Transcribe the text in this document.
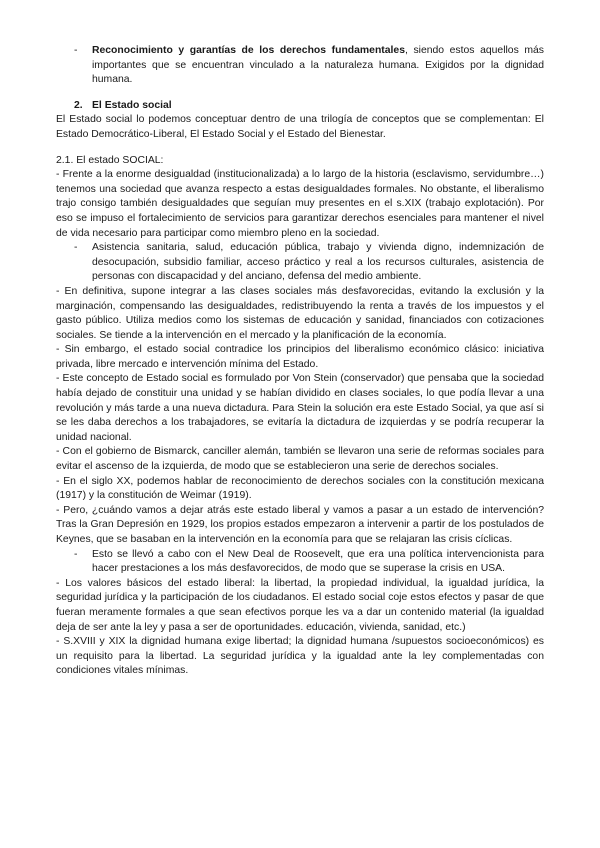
-	Reconocimiento y garantías de los derechos fundamentales, siendo estos aquellos más importantes que se encuentran vinculado a la naturaleza humana. Exigidos por la dignidad humana.

2. El Estado social

El Estado social lo podemos conceptuar dentro de una trilogía de conceptos que se complementan: El Estado Democrático-Liberal, El Estado Social y el Estado del Bienestar.

2.1. El estado SOCIAL:

- Frente a la enorme desigualdad (institucionalizada) a lo largo de la historia (esclavismo, servidumbre…) tenemos una sociedad que avanza respecto a estas desigualdades formales. No obstante, el liberalismo trajo consigo también desigualdades que seguían muy presentes en el s.XIX (trabajo explotación). Por eso se impuso el fortalecimiento de servicios para garantizar derechos esenciales para mantener el nivel de vida necesario para participar como miembro pleno en la sociedad.

-	Asistencia sanitaria, salud, educación pública, trabajo y vivienda digno, indemnización de desocupación, subsidio familiar, acceso práctico y real a los recursos culturales, asistencia de personas con discapacidad y del anciano, defensa del medio ambiente.

- En definitiva, supone integrar a las clases sociales más desfavorecidas, evitando la exclusión y la marginación, compensando las desigualdades, redistribuyendo la renta a través de los impuestos y el gasto público. Utiliza medios como los sistemas de educación y sanidad, financiados con cotizaciones sociales. Se tiende a la intervención en el mercado y la planificación de la economía.

- Sin embargo, el estado social contradice los principios del liberalismo económico clásico: iniciativa privada, libre mercado e intervención mínima del Estado.

- Este concepto de Estado social es formulado por Von Stein (conservador) que pensaba que la sociedad había dejado de constituir una unidad y se habían dividido en clases sociales, lo que podía llevar a una revolución y más tarde a una nueva dictadura. Para Stein la solución era este Estado Social, ya que así si se les daba derechos a los trabajadores, se evitaría la dictadura de izquierdas y se podría recuperar la unidad nacional.

- Con el gobierno de Bismarck, canciller alemán, también se llevaron una serie de reformas sociales para evitar el ascenso de la izquierda, de modo que se establecieron una serie de derechos sociales.

- En el siglo XX, podemos hablar de reconocimiento de derechos sociales con la constitución mexicana (1917) y la constitución de Weimar (1919).

- Pero, ¿cuándo vamos a dejar atrás este estado liberal y vamos a pasar a un estado de intervención? Tras la Gran Depresión en 1929, los propios estados empezaron a intervenir a partir de los postulados de Keynes, que se basaban en la intervención en la economía para que se relajaran las crisis cíclicas.

-	Esto se llevó a cabo con el New Deal de Roosevelt, que era una política intervencionista para hacer prestaciones a los más desfavorecidos, de modo que se superase la crisis en USA.

- Los valores básicos del estado liberal: la libertad, la propiedad individual, la igualdad jurídica, la seguridad jurídica y la participación de los ciudadanos. El estado social coje estos efectos y pasar de que fueran meramente formales a que sean efectivos porque les va a dar un contenido material (la igualdad deja de ser ante la ley y pasa a ser de oportunidades. educación, vivienda, sanidad, etc.)

- S.XVIII y XIX la dignidad humana exige libertad; la dignidad humana /supuestos socioeconómicos) es un requisito para la libertad. La seguridad jurídica y la igualdad ante la ley complementadas con condiciones vitales mínimas.
